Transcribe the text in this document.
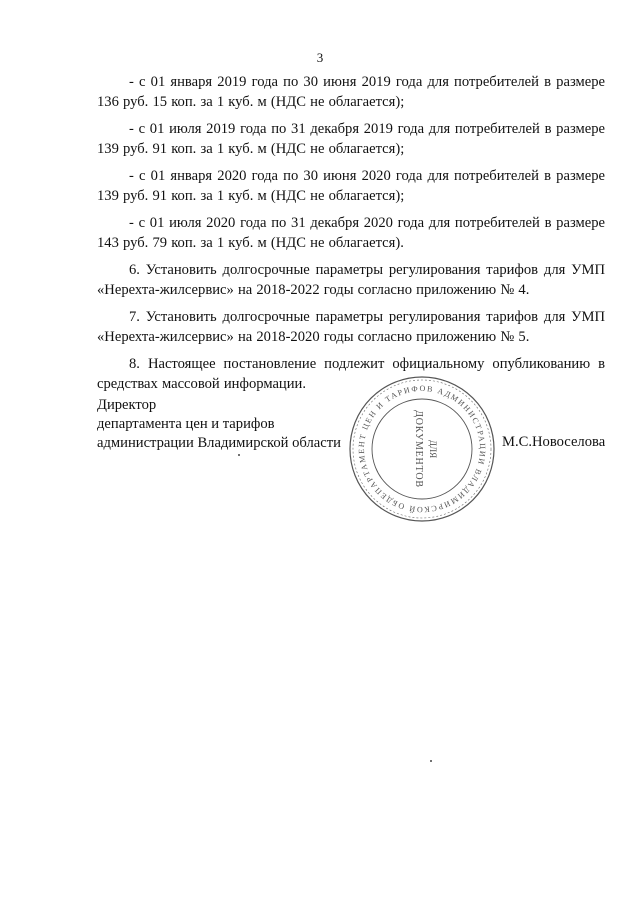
3

- с 01 января 2019 года по 30 июня 2019 года для потребителей в размере 136 руб. 15 коп. за 1 куб. м (НДС не облагается);

- с 01 июля 2019 года по 31 декабря 2019 года для потребителей в размере 139 руб. 91 коп. за 1 куб. м (НДС не облагается);

- с 01 января 2020 года по 30 июня 2020 года для потребителей в размере 139 руб. 91 коп. за 1 куб. м (НДС не облагается);

- с 01 июля 2020 года по 31 декабря 2020 года для потребителей в размере 143 руб. 79 коп. за 1 куб. м (НДС не облагается).

6. Установить долгосрочные параметры регулирования тарифов для УМП «Нерехта-жилсервис» на 2018-2022 годы согласно приложению № 4.

7. Установить долгосрочные параметры регулирования тарифов для УМП «Нерехта-жилсервис» на 2018-2020 годы согласно приложению № 5.

8. Настоящее постановление подлежит официальному опубликованию в средствах массовой информации.

Директор
департамента цен и тарифов
администрации Владимирской области
ДЕПАРТАМЕНТ ЦЕН И ТАРИФОВ АДМИНИСТРАЦИИ ВЛАДИМИРСКОЙ ОБЛАСТИ
ДЛЯ
ДОКУМЕНТОВ	М.С.Новоселова
